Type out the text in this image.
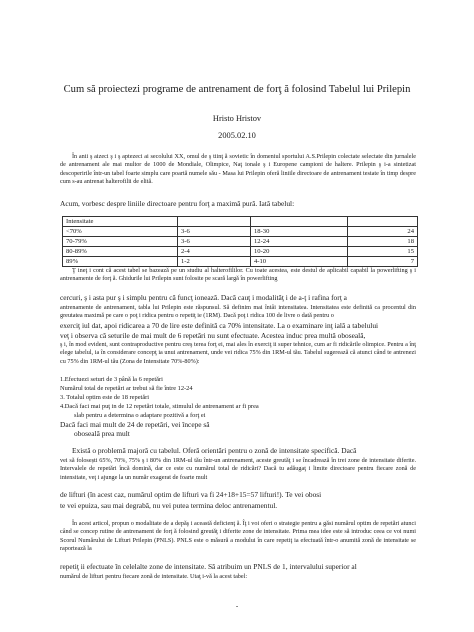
Cum să proiectezi programe de antrenament de forţ ă folosind Tabelul lui Prilepin
Hristo Hristov
2005.02.10
În anii ş aizeci ş i ş aptezeci ai secolului XX, omul de ş tiinţ ă sovietic în domeniul sportului A.S.Prilepin colectate selectate din jurnalele de antrenament ale mai multor de 1000 de Mondiale, Olimpice, Naţ ionale ş i Europene campioni de halterе. Prilepin ş i-a sintetizat descoperirile într-un tabel foarte simplu care poartă numele său - Masa lui Prilepin oferă liniile directoare de antrenament testate în timp despre cum s-au antrenat halterofilii de elită.
Acum, vorbesc despre liniile directoare pentru forţ a maximă pură. Iată tabelul:
Intensitate			
<70%	3-6	18-30	24
70-79%	3-6	12-24	18
80-89%	2-4	10-20	15
89%	1-2	4-10	7
Ţ ineţ i cont că acest tabel se bazează pe un studiu al halterofililor. Cu toate acestea, este destul de aplicabil capabil la powerlifting ş i antrenamente de forţ ă. Ghidurile lui Prilepin sunt folosite pe scară largă în powerlifting
cercuri, ş i asta pur ş i simplu pentru că funcţ ionează. Dacă cauţ i modalităţ i de a-ţ i rafina forţ a
antrenamente de antrenament, tabla lui Prilepin este răspunsul. Să definim mai întâi intensitatea. Intensitatea este definită ca procentul din greutatea maximă pe care o poţ i ridica pentru o repetiţ ie (1RM). Dacă poţ i ridica 100 de livre o dată pentru o
exerciţ iul dat, apoi ridicarea a 70 de lire este definită ca 70% intensitate. La o examinare inţ ială a tabelului
veţ i observa că seturile de mai mult de 6 repetări nu sunt efectuate. Acestea induc prea multă oboseală,
ş i, în mod evident, sunt contraproductive pentru creş terea forţ ei, mai ales în exerciţ ii super tehnice, cum ar fi ridicările olimpice. Pentru a înţ elege tabelul, ia în considerare concepţ ia unui antrenament, unde vei ridica 75% din 1RM-ul tău. Tabelul sugerează că atunci când te antrenezi cu 75% din 1RM-ul tău (Zona de Intensitate 70%-80%):
1.Efectuezi seturi de 3 până la 6 repetări
Numărul total de repetări ar trebui să fie între 12-24
3. Totalul optim este de 18 repetări
4.Dacă faci mai puţ in de 12 repetări totale, stimulul de antrenament ar fi prea
slab pentru a determina o adaptare pozitivă a forţ ei
Dacă faci mai mult de 24 de repetări, vei începe să
oboseală prea mult
Există o problemă majoră cu tabelul. Oferă orientări pentru o zonă de intensitate specifică. Dacă
vei să folosești 65%, 70%, 75% ş i 80% din 1RM-ul tău într-un antrenament, aceste greutăţ i se încadrează în trei zone de intensitate diferite. Intervalele de repetări încă domină, dar ce este cu numărul total de ridicări? Dacă tu adăugaţ i limite directoare pentru fiecare zonă de intensitate, veţ i ajunge la un număr exagerat de foarte mult
de lifturi (în acest caz, numărul optim de lifturi va fi 24+18+15=57 lifturi!). Te vei obosi
te vei epuiza, sau mai degrabă, nu vei putea termina deloc antrenamentul.
În acest articol, propun o modalitate de a depăş i această deficienţ ă. Îţ i voi oferi o strategie pentru a găsi numărul optim de repetări atunci când se concep rutine de antrenament de forţ ă folosind greutăţ i diferite zone de intensitate. Prima mea idee este să introduc ceea ce voi numi Scorul Numărului de Lifturi Prilepin (PNLS). PNLS este o măsură a modului în care repetiţ ia efectuată într-o anumită zonă de intensitate se raportează la
repetiţ ii efectuate în celelalte zone de intensitate. Să atribuim un PNLS de 1, intervalului superior al
numărul de lifturi pentru fiecare zonă de intensitate. Utaţ i-vă la acest tabel:
-
